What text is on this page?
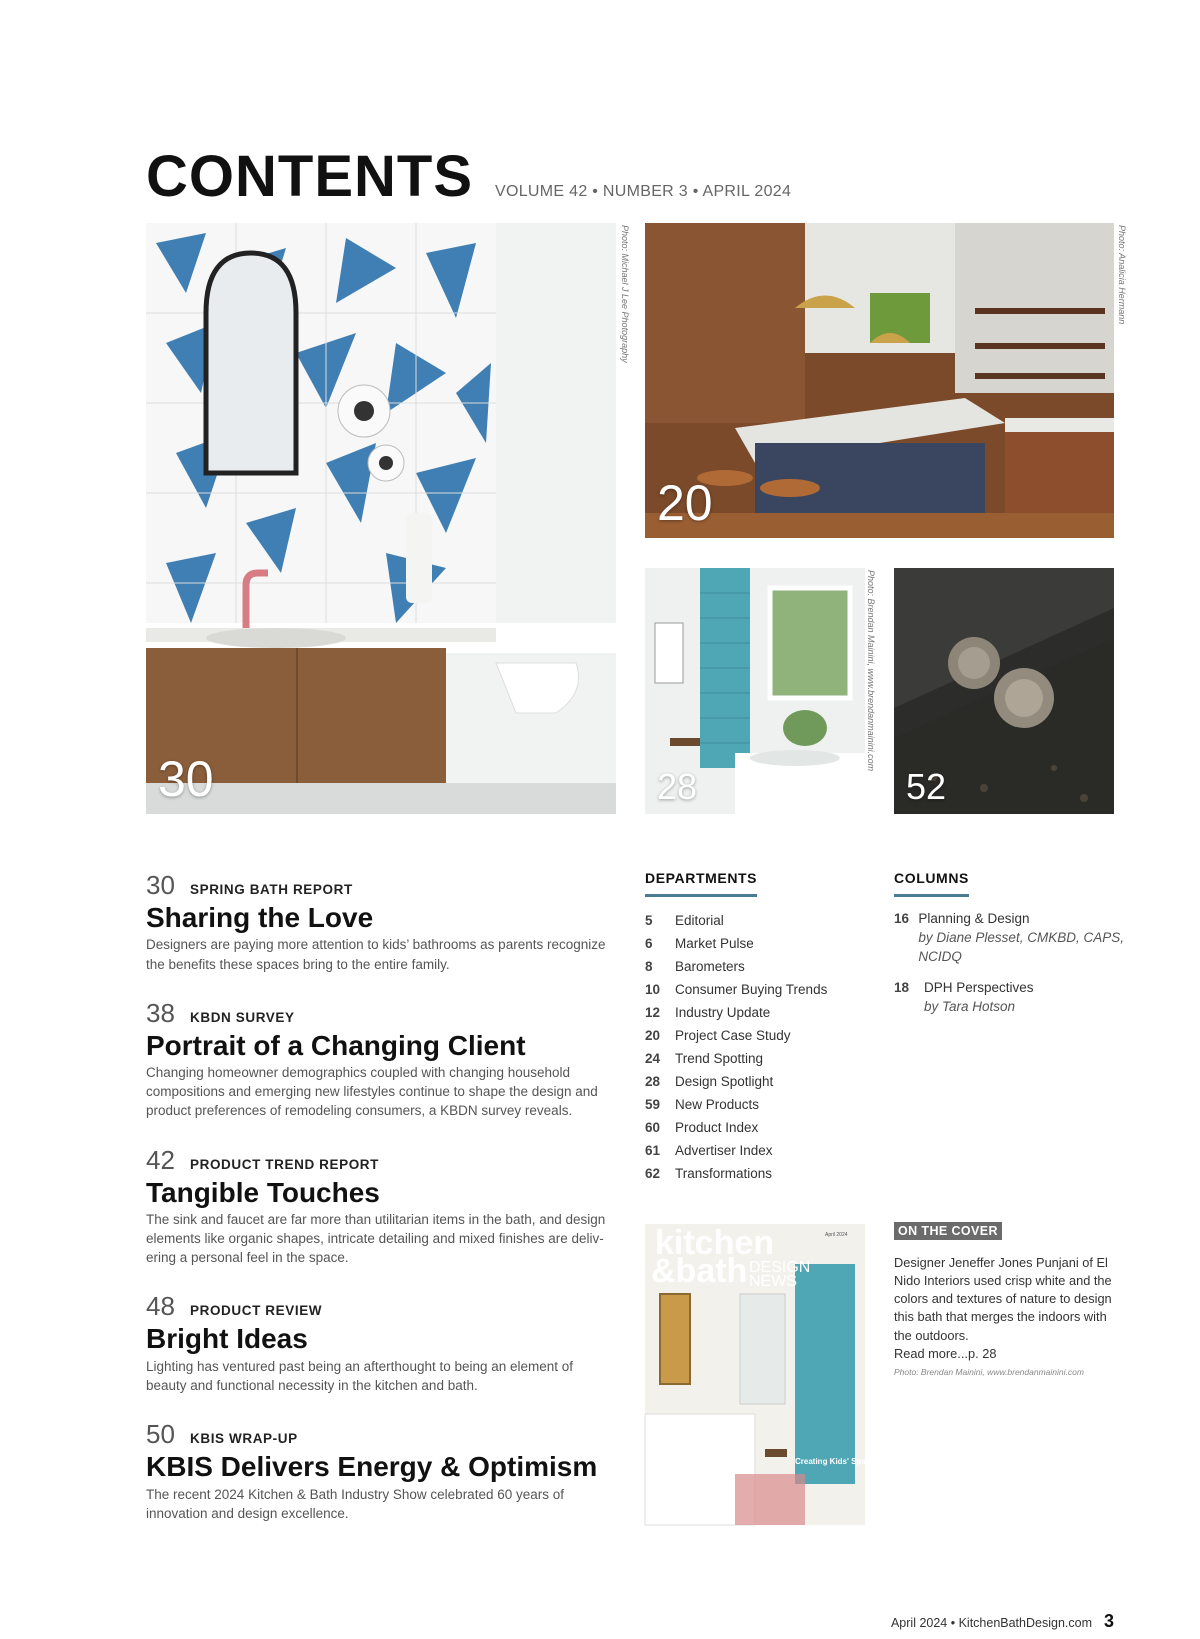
CONTENTS VOLUME 42 • NUMBER 3 • APRIL 2024
30
Photo: Michael J Lee Photography
20
Photo: Analicia Hermann
28
Photo: Brendan Mainini, www.brendanmainini.com
52
30	SPRING BATH REPORT
Sharing the Love

Designers are paying more attention to kids’ bathrooms as parents recognize the benefits these spaces bring to the entire family.

38	KBDN SURVEY
Portrait of a Changing Client

Changing homeowner demographics coupled with changing household compositions and emerging new lifestyles continue to shape the design and product preferences of remodeling consumers, a KBDN survey reveals.

42	PRODUCT TREND REPORT
Tangible Touches

The sink and faucet are far more than utilitarian items in the bath, and design elements like organic shapes, intricate detailing and mixed finishes are deliv-ering a personal feel in the space.

48	PRODUCT REVIEW
Bright Ideas

Lighting has ventured past being an afterthought to being an element of beauty and functional necessity in the kitchen and bath.

50	KBIS WRAP-UP
KBIS Delivers Energy & Optimism

The recent 2024 Kitchen & Bath Industry Show celebrated 60 years of innovation and design excellence.

DEPARTMENTS
5	Editorial
6	Market Pulse
8	Barometers
10	Consumer Buying Trends
12	Industry Update
20	Project Case Study
24	Trend Spotting
28	Design Spotlight
59	New Products
60	Product Index
61	Advertiser Index
62	Transformations
COLUMNS
16 Planning & Design
by Diane Plesset, CMKBD, CAPS, NCIDQ
18	DPH Perspectives
by Tara Hotson
kitchen
&bath DESIGN
NEWS
April 2024
Creating Kids' Spaces
ON THE COVER

Designer Jeneffer Jones Punjani of El Nido Interiors used crisp white and the colors and textures of nature to design this bath that merges the indoors with the outdoors.
Read more...p. 28

Photo: Brendan Mainini, www.brendanmainini.com
April 2024 • KitchenBathDesign.com 3
